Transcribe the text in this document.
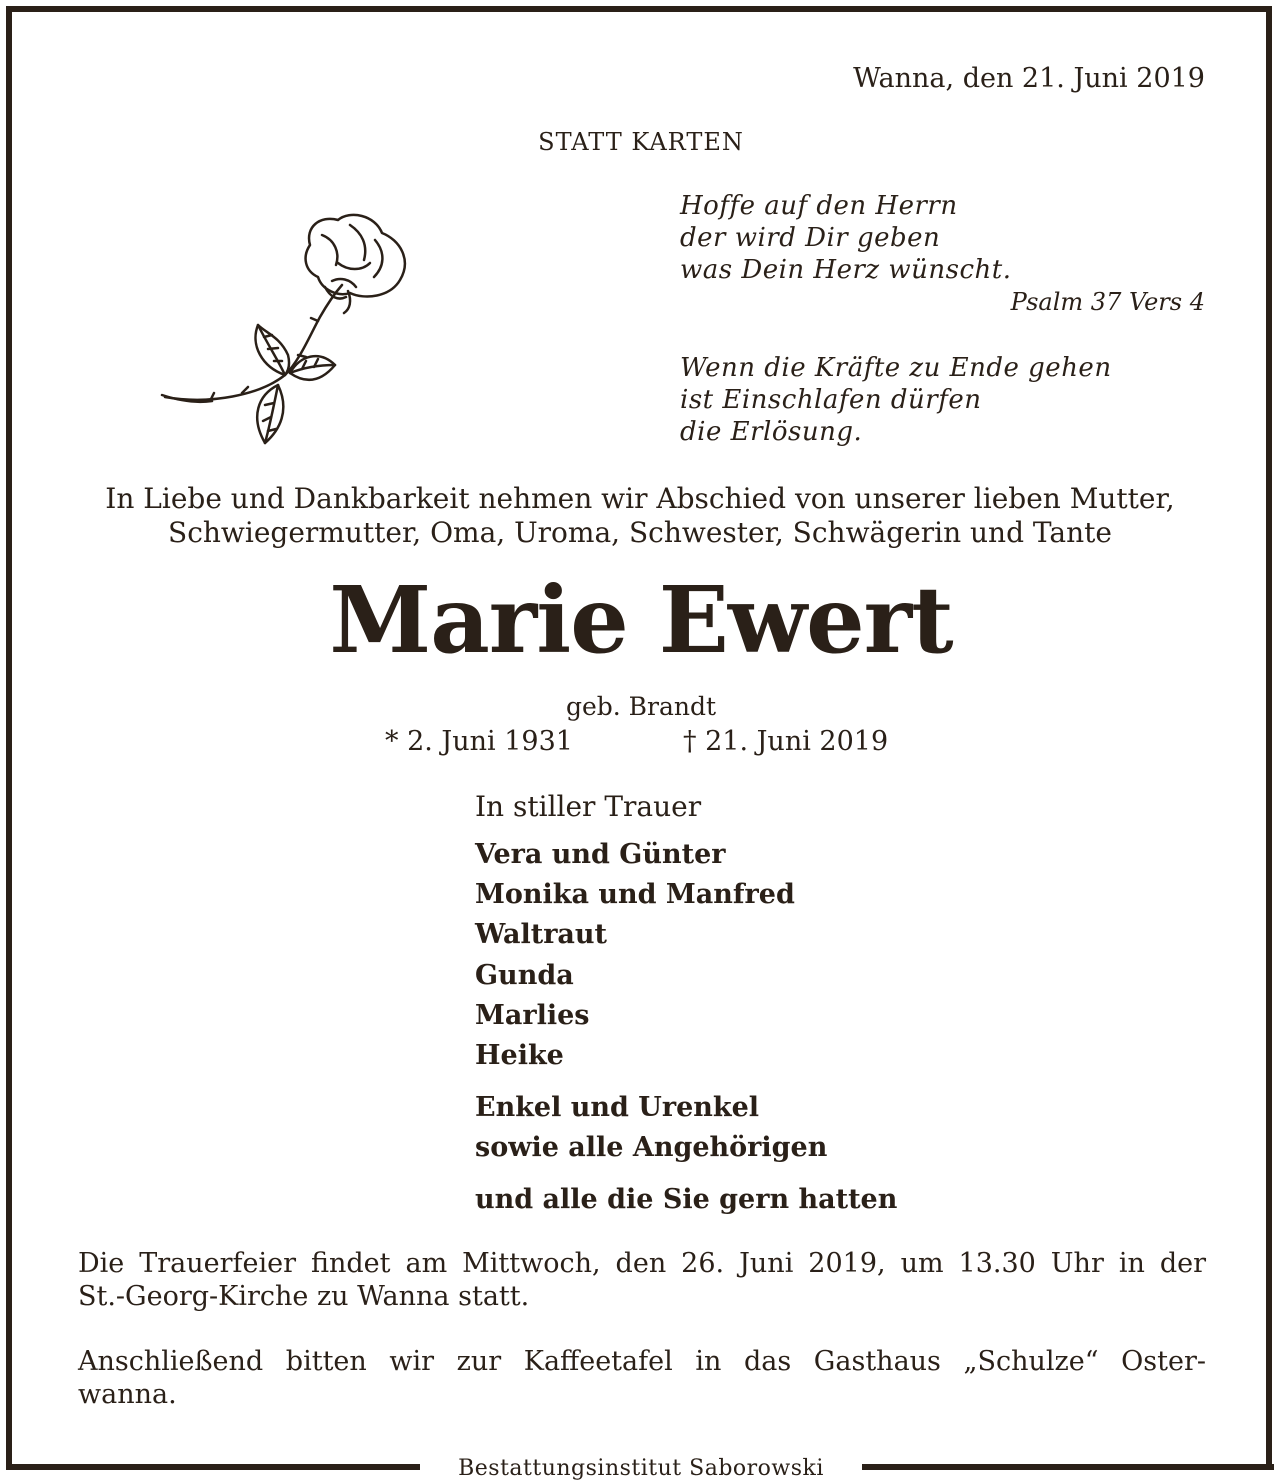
Wanna, den 21. Juni 2019
STATT KARTEN
Hoffe auf den Herrn
der wird Dir geben
was Dein Herz wünscht.
Psalm 37 Vers 4
Wenn die Kräfte zu Ende gehen
ist Einschlafen dürfen
die Erlösung.
In Liebe und Dankbarkeit nehmen wir Abschied von unserer lieben Mutter,
Schwiegermutter, Oma, Uroma, Schwester, Schwägerin und Tante
Marie Ewert
geb. Brandt
* 2. Juni 1931	† 21. Juni 2019
In stiller Trauer
Vera und Günter
Monika und Manfred
Waltraut
Gunda
Marlies
Heike
Enkel und Urenkel
sowie alle Angehörigen
und alle die Sie gern hatten
Die Trauerfeier findet am Mittwoch, den 26. Juni 2019, um 13.30 Uhr in der
St.-Georg-Kirche zu Wanna statt.
Anschließend bitten wir zur Kaffeetafel in das Gasthaus „Schulze“ Oster-
wanna.
Bestattungsinstitut Saborowski
